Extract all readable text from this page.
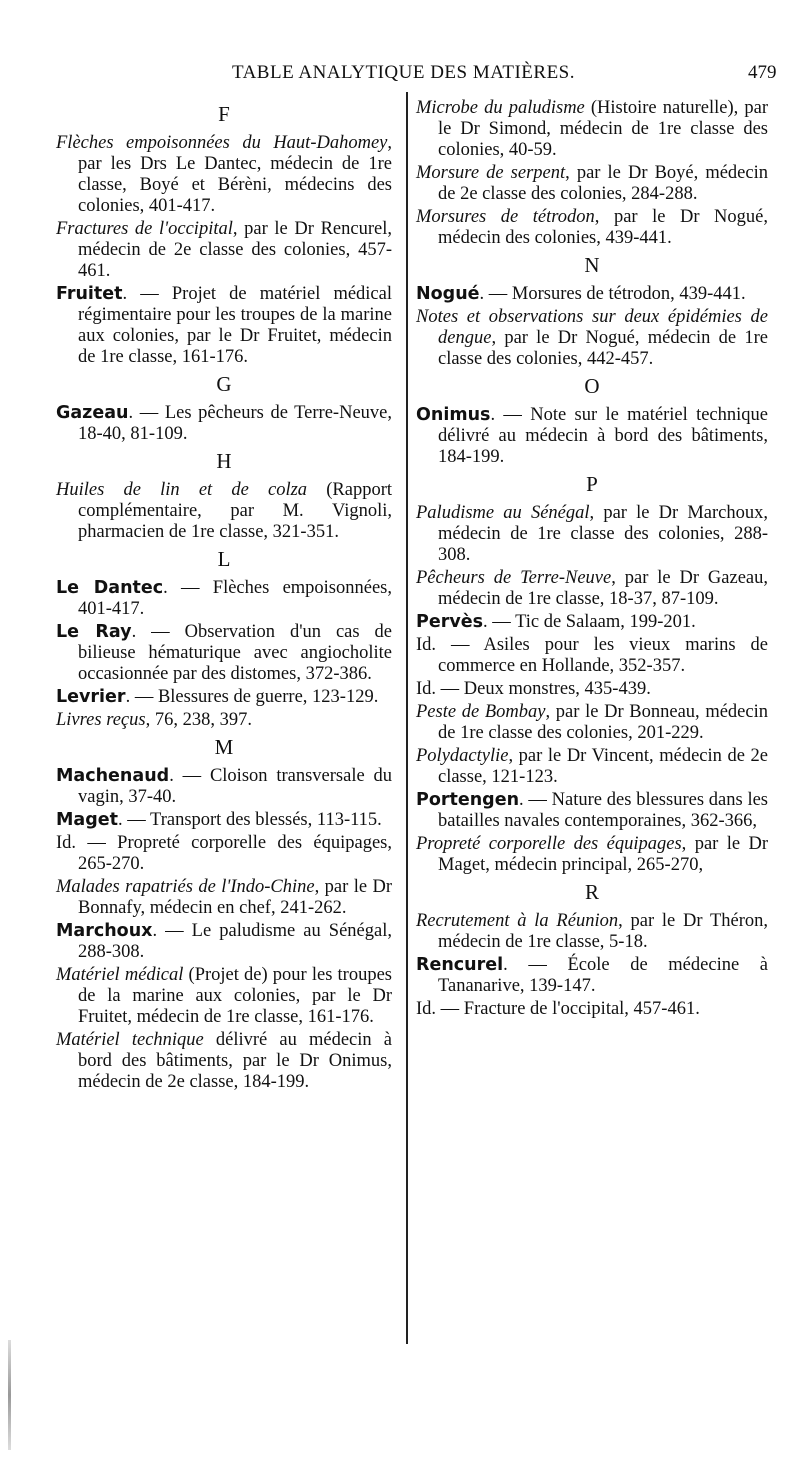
TABLE ANALYTIQUE DES MATIÈRES.	479
F
Flèches empoisonnées du Haut-Dahomey, par les Drs Le Dantec, médecin de 1re classe, Boyé et Bérèni, médecins des colonies, 401-417.
Fractures de l'occipital, par le Dr Rencurel, médecin de 2e classe des colonies, 457-461.
Fruitet. — Projet de matériel médical régimentaire pour les troupes de la marine aux colonies, par le Dr Fruitet, médecin de 1re classe, 161-176.
G
Gazeau. — Les pêcheurs de Terre-Neuve, 18-40, 81-109.
H
Huiles de lin et de colza (Rapport complémentaire, par M. Vignoli, pharmacien de 1re classe, 321-351.
L
Le Dantec. — Flèches empoisonnées, 401-417.
Le Ray. — Observation d'un cas de bilieuse hématurique avec angiocholite occasionnée par des distomes, 372-386.
Levrier. — Blessures de guerre, 123-129.
Livres reçus, 76, 238, 397.
M
Machenaud. — Cloison transversale du vagin, 37-40.
Maget. — Transport des blessés, 113-115.
Id. — Propreté corporelle des équipages, 265-270.
Malades rapatriés de l'Indo-Chine, par le Dr Bonnafy, médecin en chef, 241-262.
Marchoux. — Le paludisme au Sénégal, 288-308.
Matériel médical (Projet de) pour les troupes de la marine aux colonies, par le Dr Fruitet, médecin de 1re classe, 161-176.
Matériel technique délivré au médecin à bord des bâtiments, par le Dr Onimus, médecin de 2e classe, 184-199.
Microbe du paludisme (Histoire naturelle), par le Dr Simond, médecin de 1re classe des colonies, 40-59.
Morsure de serpent, par le Dr Boyé, médecin de 2e classe des colonies, 284-288.
Morsures de tétrodon, par le Dr Nogué, médecin des colonies, 439-441.
N
Nogué. — Morsures de tétrodon, 439-441.
Notes et observations sur deux épidémies de dengue, par le Dr Nogué, médecin de 1re classe des colonies, 442-457.
O
Onimus. — Note sur le matériel technique délivré au médecin à bord des bâtiments, 184-199.
P
Paludisme au Sénégal, par le Dr Marchoux, médecin de 1re classe des colonies, 288-308.
Pêcheurs de Terre-Neuve, par le Dr Gazeau, médecin de 1re classe, 18-37, 87-109.
Pervès. — Tic de Salaam, 199-201.
Id. — Asiles pour les vieux marins de commerce en Hollande, 352-357.
Id. — Deux monstres, 435-439.
Peste de Bombay, par le Dr Bonneau, médecin de 1re classe des colonies, 201-229.
Polydactylie, par le Dr Vincent, médecin de 2e classe, 121-123.
Portengen. — Nature des blessures dans les batailles navales contemporaines, 362-366,
Propreté corporelle des équipages, par le Dr Maget, médecin principal, 265-270,
R
Recrutement à la Réunion, par le Dr Théron, médecin de 1re classe, 5-18.
Rencurel. — École de médecine à Tananarive, 139-147.
Id. — Fracture de l'occipital, 457-461.
